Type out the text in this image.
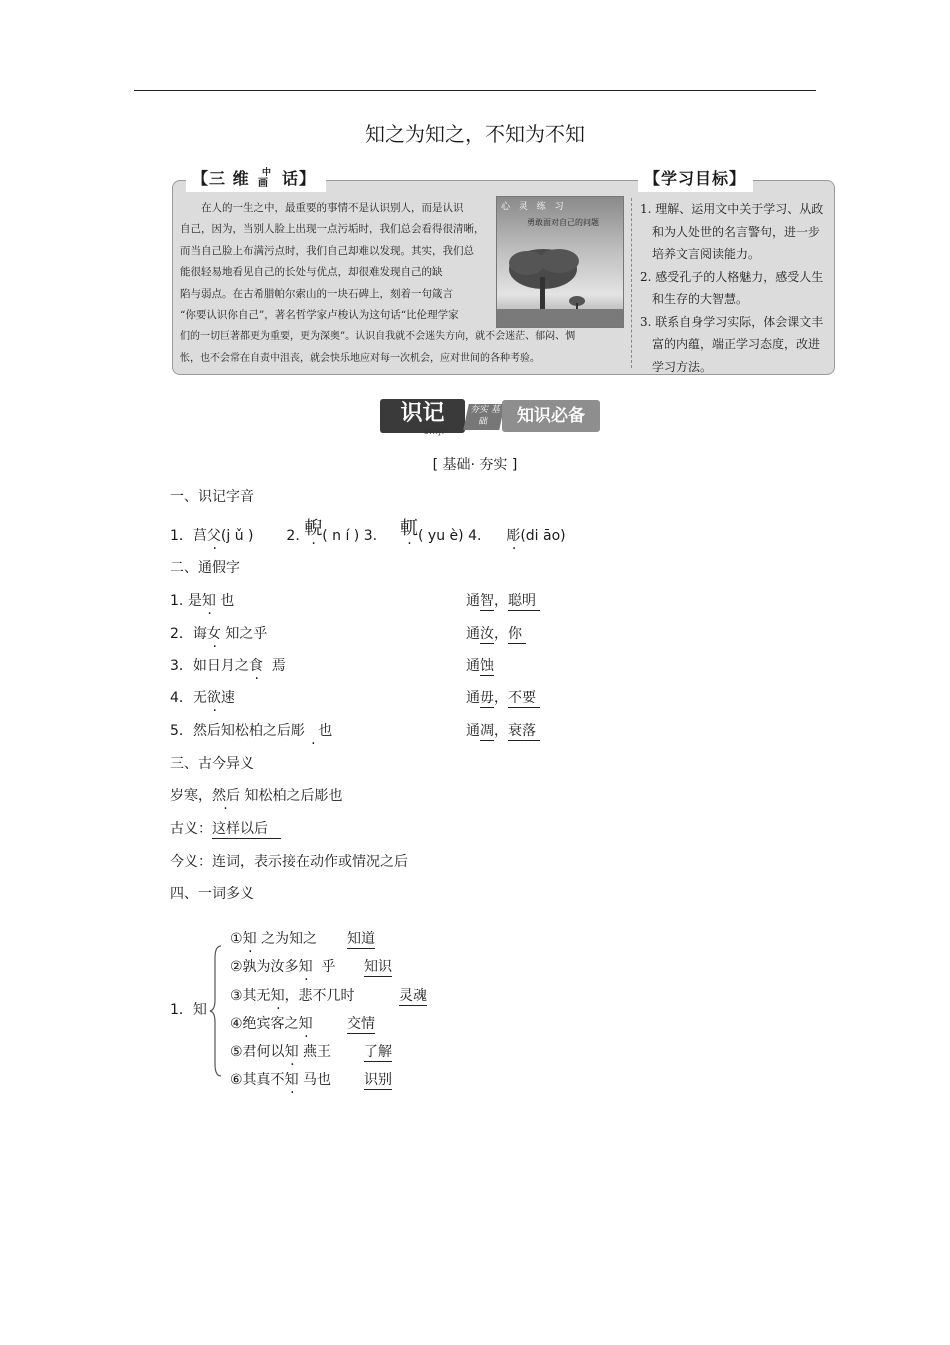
知之为知之，不知为不知
【三 维 中
画 话】	【学习目标】
　　在人的一生之中，最重要的事情不是认识别人，而是认识
自己，因为，当别人脸上出现一点污垢时，我们总会看得很清晰，
而当自己脸上布满污点时，我们自己却难以发现。其实，我们总
能很轻易地看见自己的长处与优点，却很难发现自己的缺
陷与弱点。在古希腊帕尔索山的一块石碑上，刻着一句箴言
“你要认识你自己”，著名哲学家卢梭认为这句话“比伦理学家
们的一切巨著都更为重要，更为深奥”。认识自我就不会迷失方向，就不会迷茫、郁闷、惆
怅，也不会常在自责中沮丧，就会快乐地应对每一次机会，应对世间的各种考验。
心 灵 练 习
勇敢面对自己的问题
1. 理解、运用文中关于学习、从政
　和为人处世的名言警句，进一步
　培养文言阅读能力。
2. 感受孔子的人格魅力，感受人生
　和生存的大智慧。
3. 联系自身学习实际，体会课文丰
　富的内蕴，端正学习态度，改进
　学习方法。
识记
SHIJI
夯实 基础	知识必备
[ 基础· 夯实 ]
一、识记字音
1．莒父(j ǔ ) 2. 輗( n í ) 3. 軏( yu è) 4. 彫(di āo)
二、通假字
1. 是知 也	通智，聪明
2．诲女 知之乎	通汝，你
3．如日月之食 焉	通蚀
4．无欲速	通毋，不要
5．然后知松柏之后彫   · 也	通凋，衰落
三、古今异义
岁寒，然后 知松柏之后彫也
古义：这样以后
今义：连词，表示接在动作或情况之后
四、一词多义
1．知
①知 之为知之 知道
②孰为汝多知 乎 知识
③其无知，悲不几时	灵魂
④绝宾客之知 交情
⑤君何以知 燕王 了解
⑥其真不知 马也 识别
